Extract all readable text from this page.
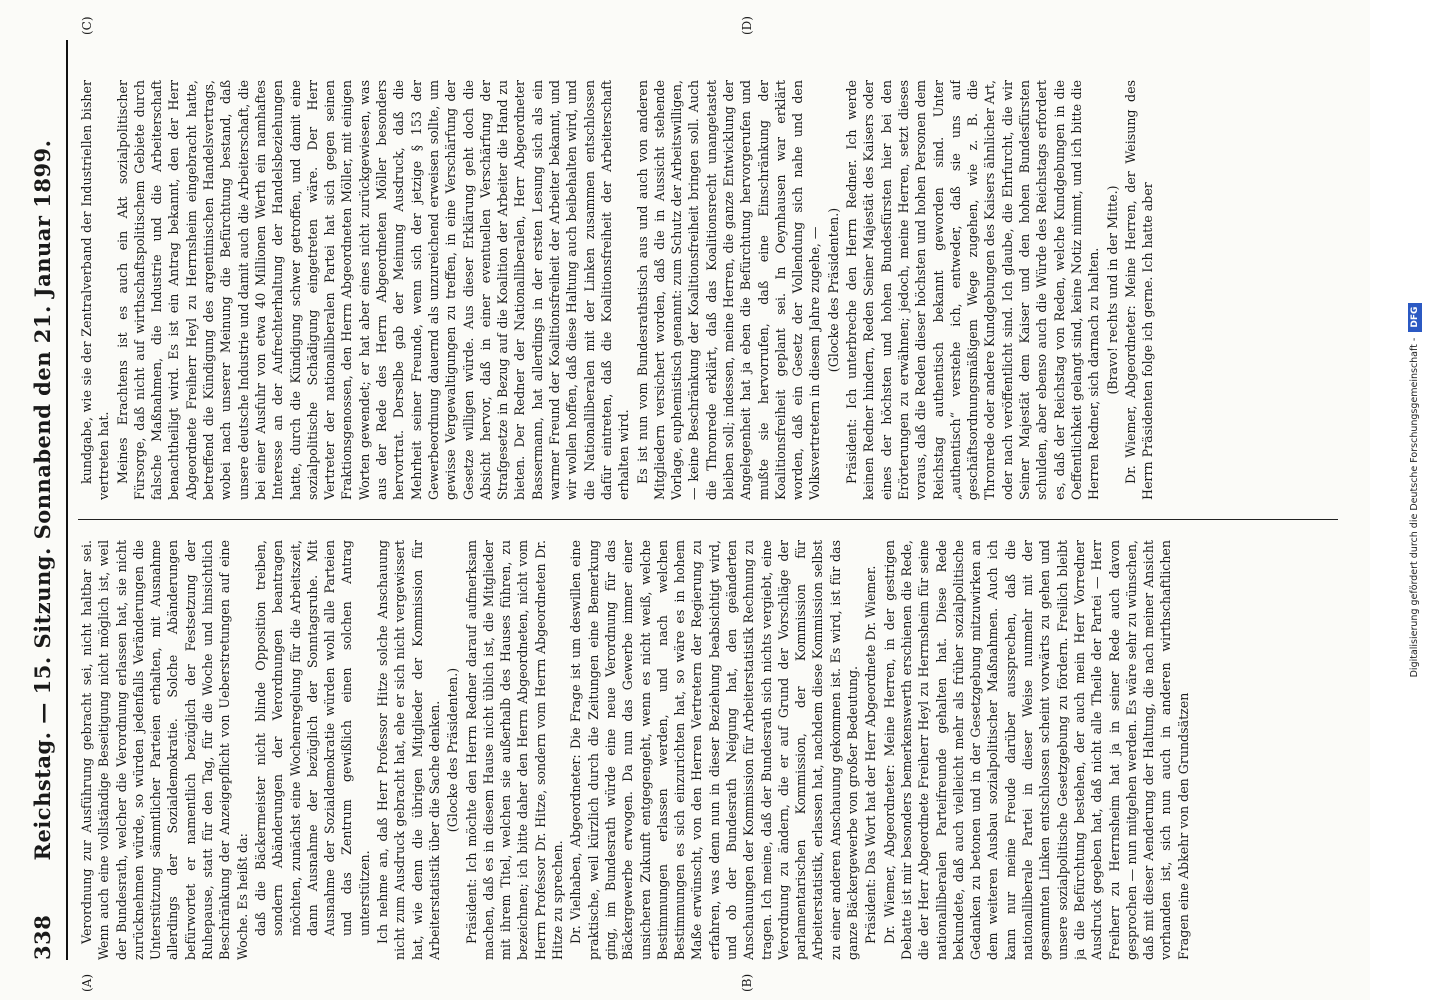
338
Reichstag. — 15. Sitzung. Sonnabend den 21. Januar 1899. Verordnung zur Ausführung gebracht sei, nicht haltbar sei. Wenn auch eine vollständige Beseitigung nicht möglich ist, weil der Bundesrath, welcher die Verordnung erlassen hat, sie nicht zurücknehmen würde, so würden jedenfalls Veränderungen die Unterstützung sämmtlicher Parteien erhalten, mit Ausnahme allerdings der Sozialdemokratie. Solche Abänderungen befürwortet er namentlich bezüglich der Festsetzung der Ruhepause, statt für den Tag, für die Woche und hinsichtlich Beschränkung der Anzeigepflicht von Ueberstretungen auf eine Woche. Es heißt da: daß die Bäckermeister nicht blinde Opposition treiben, sondern Abänderungen der Verordnungen beantragen möchten, zunächst eine Wochenregelung für die Arbeitszeit, dann Ausnahme der bezüglich der Sonntagsruhe. Mit Ausnahme der Sozialdemokratie würden wohl alle Parteien und das Zentrum gewißlich einen solchen Antrag unterstützen. Ich nehme an, daß Herr Professor Hitze solche Anschauung nicht zum Ausdruck gebracht hat, ehe er sich nicht vergewissert hat, wie denn die übrigen Mitglieder der Kommission für Arbeiterstatistik über die Sache denken. (Glocke des Präsidenten.) Präsident: Ich möchte den Herrn Redner darauf aufmerksam machen, daß es in diesem Hause nicht üblich ist, die Mitglieder mit ihrem Titel, welchen sie außerhalb des Hauses führen, zu bezeichnen; ich bitte daher den Herrn Abgeordneten, nicht vom Herrn Professor Dr. Hitze, sondern vom Herrn Abgeordneten Dr. Hitze zu sprechen. Dr. Vielhaben, Abgeordneter: Die Frage ist um deswillen eine praktische, weil kürzlich durch die Zeitungen eine Bemerkung ging, im Bundesrath würde eine neue Verordnung für das Bäckergewerbe erwogen. Da nun das Gewerbe immer einer unsicheren Zukunft entgegengeht, wenn es nicht weiß, welche Bestimmungen erlassen werden, und nach welchen Bestimmungen es sich einzurichten hat, so wäre es in hohem Maße erwünscht, von den Herren Vertretern der Regierung zu erfahren, was denn nun in dieser Beziehung beabsichtigt wird, und ob der Bundesrath Neigung hat, den geänderten Anschauungen der Kommission für Arbeiterstatistik Rechnung zu tragen. Ich meine, daß der Bundesrath sich nichts vergiebt, eine Verordnung zu ändern, die er auf Grund der Vorschläge der parlamentarischen Kommission, der Kommission für Arbeiterstatistik, erlassen hat, nachdem diese Kommission selbst zu einer anderen Anschauung gekommen ist. Es wird, ist für das ganze Bäckergewerbe von großer Bedeutung. Präsident: Das Wort hat der Herr Abgeordnete Dr. Wiemer. Dr. Wiemer, Abgeordneter: Meine Herren, in der gestrigen Debatte ist mir besonders bemerkenswerth erschienen die Rede, die der Herr Abgeordnete Freiherr Heyl zu Herrnsheim für seine nationalliberalen Parteifreunde gehalten hat. Diese Rede bekundete, daß auch vielleicht mehr als früher sozialpolitische Gedanken zu betonen und in der Gesetzgebung mitzuwirken an dem weiteren Ausbau sozialpolitischer Maßnahmen. Auch ich kann nur meine Freude darüber aussprechen, daß die nationalliberale Partei in dieser Weise nunmehr mit der gesammten Linken entschlossen scheint vorwärts zu gehen und unsere sozialpolitische Gesetzgebung zu fördern. Freilich bleibt ja die Befürchtung bestehen, der auch mein Herr Vorredner Ausdruck gegeben hat, daß nicht alle Theile der Partei — Herr Freiherr zu Herrnsheim hat ja in seiner Rede auch davon gesprochen — nun mitgehen werden. Es wäre sehr zu wünschen, daß mit dieser Aenderung der Haltung, die nach meiner Ansicht vorhanden ist, sich nun auch in anderen wirthschaftlichen Fragen eine Abkehr von den Grundsätzen

kundgabe, wie sie der Zentralverband der Industriellen bisher vertreten hat. Meines Erachtens ist es auch ein Akt sozialpolitischer Fürsorge, daß nicht auf wirthschaftspolitischem Gebiete durch falsche Maßnahmen, die Industrie und die Arbeiterschaft benachtheiligt wird. Es ist ein Antrag bekannt, den der Herr Abgeordnete Freiherr Heyl zu Herrnsheim eingebracht hatte, betreffend die Kündigung des argentinischen Handelsvertrags, wobei nach unserer Meinung die Befürchtung bestand, daß unsere deutsche Industrie und damit auch die Arbeiterschaft, die bei einer Ausfuhr von etwa 40 Millionen Werth ein namhaftes Interesse an der Aufrechterhaltung der Handelsbeziehungen hatte, durch die Kündigung schwer getroffen, und damit eine sozialpolitische Schädigung eingetreten wäre. Der Herr Vertreter der nationalliberalen Partei hat sich gegen seinen Fraktionsgenossen, den Herrn Abgeordneten Möller, mit einigen Worten gewendet; er hat aber eines nicht zurückgewiesen, was aus der Rede des Herrn Abgeordneten Möller besonders hervortrat. Derselbe gab der Meinung Ausdruck, daß die Mehrheit seiner Freunde, wenn sich der jetzige § 153 der Gewerbeordnung dauernd als unzureichend erweisen sollte, um gewisse Vergewaltigungen zu treffen, in eine Verschärfung der Gesetze willigen würde. Aus dieser Erklärung geht doch die Absicht hervor, daß in einer eventuellen Verschärfung der Strafgesetze in Bezug auf die Koalition der Arbeiter die Hand zu bieten. Der Redner der Nationalliberalen, Herr Abgeordneter Bassermann, hat allerdings in der ersten Lesung sich als ein warmer Freund der Koalitionsfreiheit der Arbeiter bekannt, und wir wollen hoffen, daß diese Haltung auch beibehalten wird, und die Nationalliberalen mit der Linken zusammen entschlossen dafür eintreten, daß die Koalitionsfreiheit der Arbeiterschaft erhalten wird. Es ist nun vom Bundesrathstisch aus und auch von anderen Mitgliedern versichert worden, daß die in Aussicht stehende Vorlage, euphemistisch genannt: zum Schutz der Arbeitswilligen, — keine Beschränkung der Koalitionsfreiheit bringen soll. Auch die Thronrede erklärt, daß das Koalitionsrecht unangetastet bleiben soll; indessen, meine Herren, die ganze Entwicklung der Angelegenheit hat ja eben die Befürchtung hervorgerufen und mußte sie hervorrufen, daß eine Einschränkung der Koalitionsfreiheit geplant sei. In Oeynhausen war erklärt worden, daß ein Gesetz der Vollendung sich nahe und den Volksvertretern in diesem Jahre zugehe, — (Glocke des Präsidenten.) Präsident: Ich unterbreche den Herrn Redner. Ich werde keinen Redner hindern, Reden Seiner Majestät des Kaisers oder eines der höchsten und hohen Bundesfürsten hier bei den Erörterungen zu erwähnen; jedoch, meine Herren, setzt dieses voraus, daß die Reden dieser höchsten und hohen Personen dem Reichstag authentisch bekannt geworden sind. Unter „authentisch“ verstehe ich, entweder, daß sie uns auf geschäftsordnungsmäßigem Wege zugehen, wie z. B. die Thronrede oder andere Kundgebungen des Kaisers ähnlicher Art, oder nach veröffentlicht sind. Ich glaube, die Ehrfurcht, die wir Seiner Majestät dem Kaiser und den hohen Bundesfürsten schulden, aber ebenso auch die Würde des Reichstags erfordert es, daß der Reichstag von Reden, welche Kundgebungen in die Oeffentlichkeit gelangt sind, keine Notiz nimmt, und ich bitte die Herren Redner, sich darnach zu halten. (Bravo! rechts und in der Mitte.) Dr. Wiemer, Abgeordneter: Meine Herren, der Weisung des Herrn Präsidenten folge ich gerne. Ich hatte aber

(A)	(B)
(C)	(D)
Digitalisierung gefördert durch die Deutsche Forschungsgemeinschaft -DFG
